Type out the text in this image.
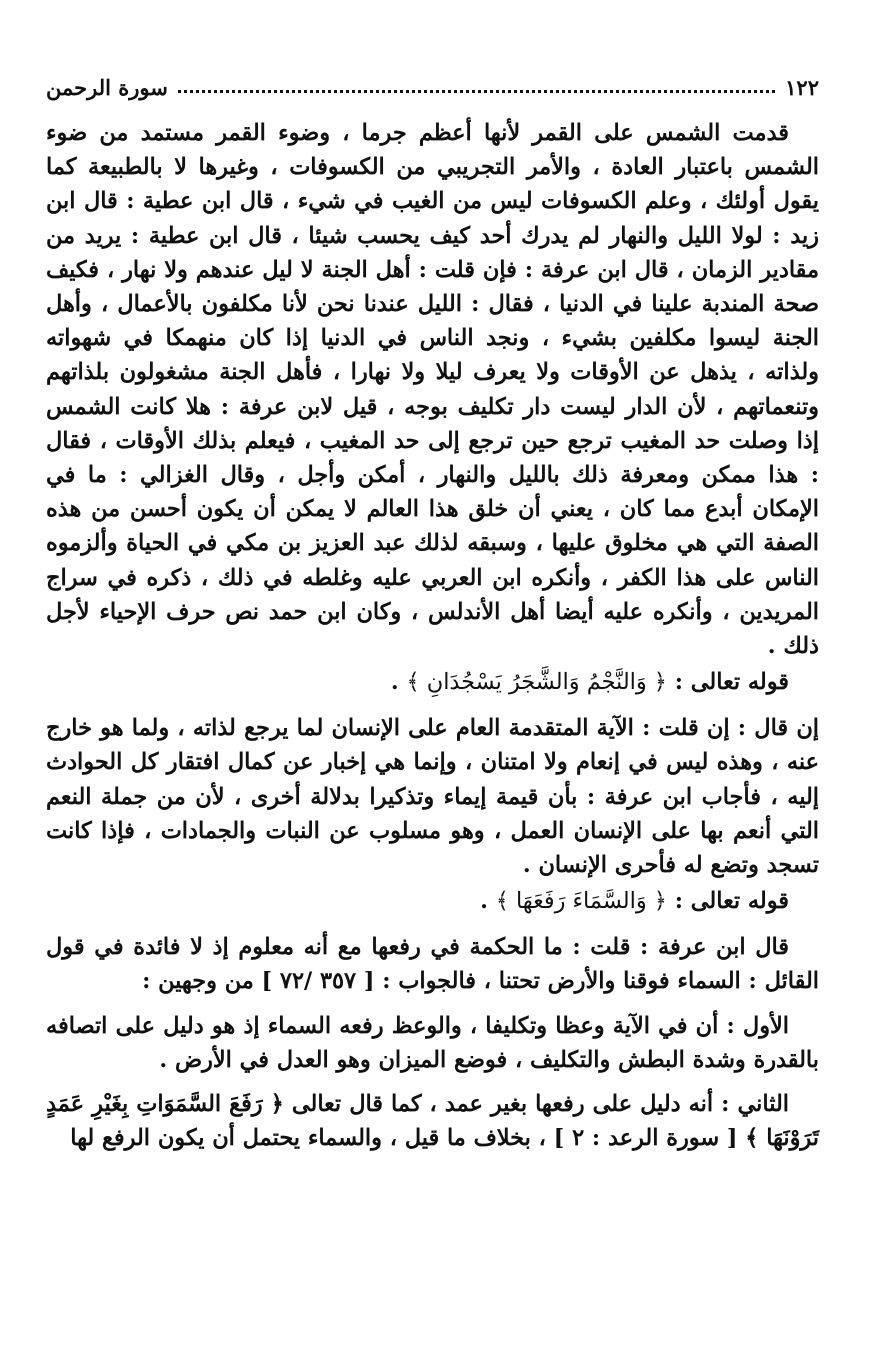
١٢٢
سورة الرحمن

قدمت الشمس على القمر لأنها أعظم جرما ، وضوء القمر مستمد من ضوء الشمس باعتبار العادة ، والأمر التجريبي من الكسوفات ، وغيرها لا بالطبيعة كما يقول أولئك ، وعلم الكسوفات ليس من الغيب في شيء ، قال ابن عطية : قال ابن زيد : لولا الليل والنهار لم يدرك أحد كيف يحسب شيئا ، قال ابن عطية : يريد من مقادير الزمان ، قال ابن عرفة : فإن قلت : أهل الجنة لا ليل عندهم ولا نهار ، فكيف صحة المندبة علينا في الدنيا ، فقال : الليل عندنا نحن لأنا مكلفون بالأعمال ، وأهل الجنة ليسوا مكلفين بشيء ، ونجد الناس في الدنيا إذا كان منهمكا في شهواته ولذاته ، يذهل عن الأوقات ولا يعرف ليلا ولا نهارا ، فأهل الجنة مشغولون بلذاتهم وتنعماتهم ، لأن الدار ليست دار تكليف بوجه ، قيل لابن عرفة : هلا كانت الشمس إذا وصلت حد المغيب ترجع حين ترجع إلى حد المغيب ، فيعلم بذلك الأوقات ، فقال : هذا ممكن ومعرفة ذلك بالليل والنهار ، أمكن وأجل ، وقال الغزالي : ما في الإمكان أبدع مما كان ، يعني أن خلق هذا العالم لا يمكن أن يكون أحسن من هذه الصفة التي هي مخلوق عليها ، وسبقه لذلك عبد العزيز بن مكي في الحياة وألزموه الناس على هذا الكفر ، وأنكره ابن العربي عليه وغلطه في ذلك ، ذكره في سراج المريدين ، وأنكره عليه أيضا أهل الأندلس ، وكان ابن حمد نص حرف الإحياء لأجل ذلك .

قوله تعالى : ﴿ وَالنَّجْمُ وَالشَّجَرُ يَسْجُدَانِ ﴾ .

إن قال : إن قلت : الآية المتقدمة العام على الإنسان لما يرجع لذاته ، ولما هو خارج عنه ، وهذه ليس في إنعام ولا امتنان ، وإنما هي إخبار عن كمال افتقار كل الحوادث إليه ، فأجاب ابن عرفة : بأن قيمة إيماء وتذكيرا بدلالة أخرى ، لأن من جملة النعم التي أنعم بها على الإنسان العمل ، وهو مسلوب عن النبات والجمادات ، فإذا كانت تسجد وتضع له فأحرى الإنسان .

قوله تعالى : ﴿ وَالسَّمَاءَ رَفَعَهَا ﴾ .

قال ابن عرفة : قلت : ما الحكمة في رفعها مع أنه معلوم إذ لا فائدة في قول القائل : السماء فوقنا والأرض تحتنا ، فالجواب : [ ٣٥٧ /٧٢ ] من وجهين :

الأول : أن في الآية وعظا وتكليفا ، والوعظ رفعه السماء إذ هو دليل على اتصافه بالقدرة وشدة البطش والتكليف ، فوضع الميزان وهو العدل في الأرض .

الثاني : أنه دليل على رفعها بغير عمد ، كما قال تعالى ﴿ رَفَعَ السَّمَوَاتِ بِغَيْرِ عَمَدٍ تَرَوْنَهَا ﴾ [ سورة الرعد : ٢ ] ، بخلاف ما قيل ، والسماء يحتمل أن يكون الرفع لها
